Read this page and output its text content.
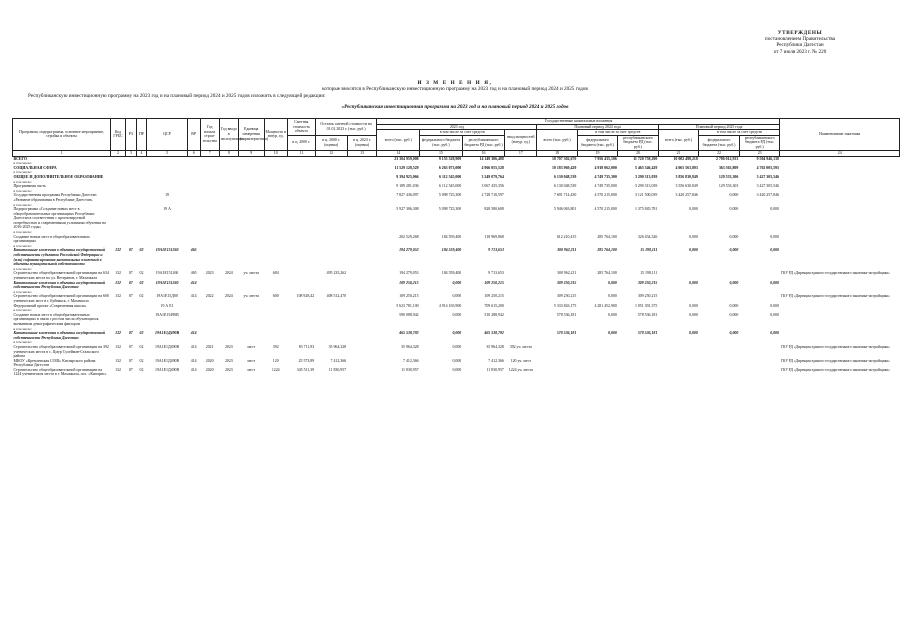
УТВЕРЖДЕНЫ
постановлением Правительства
Республики Дагестан
от 7 июля 2023 г. № 220
И З М Е Н Е Н И Я,
которые вносятся в Республиканскую инвестиционную программу на 2023 год и на плановый период 2024 и 2025 годов
Республиканскую инвестиционную программу на 2023 год и на плановый период 2024 и 2025 годов изложить в следующей редакции:
«Республиканская инвестиционная программа на 2023 год и на плановый период 2024 и 2025 годов
Программа, подпрограмма, основное мероприятие, стройка и объекты	Код ГРБС	РЗ	ПР	ЦСР	ВР	Год начала строи-тельства	Год ввода в эксплуатацию	Единица измерения (характеристика)	Мощность в натур. ед.	Сметная стоимость объекта	Остаток сметной стоимости на 01.01.2023 г. (тыс. руб.)		Государственные капитальные вложения										Наименование заказчика
													2023 год				Плановый период 2024 года			Плановый период 2025 года			
													всего (тыс. руб.)	в том числе за счет средств		ввод мощностей (натур. ед.)	всего (тыс. руб.)	в том числе за счет средств		всего (тыс. руб.)	в том числе за счет средств		
										в ц. 2000 г.	в ц. 2000 г. (оценка)	в ц. 2023 г. (оценка)		федерального бюджета (тыс. руб.)	республиканского бюджета РД (тыс. руб.)			федерального бюджета (тыс. руб.)	республиканского бюджета РД (тыс. руб.)		федерального бюджета (тыс. руб.)	республиканского бюджета РД (тыс. руб.)	
1	2	3	4	5	6	7	8	9	10	11	12	13	14	15	16	17	18	19	20	21	22	23	24
ВСЕГО													23 304 959,008	9 155 528,909	14 149 306,488		18 707 302,670	7 956 435,106	11 720 758,290	10 002 498,218	2 786 012,933	9 504 946,138	
в том числе:																							
СОЦИАЛЬНАЯ СФЕРА													11 529 128,529	6 263 073,000	4 966 055,528		10 183 969,429	4 918 062,000	5 465 346,429	4 065 563,803	363 563,809	4 702 005,595	
в том числе:																							
ОБЩЕЕ И ДОПОЛНИТЕЛЬНОЕ ОБРАЗОВАНИЕ													9 394 925,066	6 112 545,000	3 249 079,764		6 130 048,539	4 749 735,300	3 290 313,039	3 856 830,849	129 533,306	3 427 305,546	
в том числе:																							
Программная часть													9 189 281,036	6 112 545,000	3 067 435,356		6 130 048,539	4 749 735,000	3 290 313,039	3 556 630,849	129 533,303	3 427 305,546	
в том числе:																							
Государственная программа Республики Дагестан «Развитие образования в Республике Дагестан»				19									7 827 436,097	5 098 725,300	2 728 710,597		7 691 714,430	4 570 215,000	3 121 500,039	3 420 257,846	0,000	3 420 257,846	
в том числе:																							
Подпрограмма «Создание новых мест в общеобразовательных организациях Республики Дагестан в соответствии с прогнозируемой потребностью и современными условиями обучения на 2016-2025 годы»				19 А									5 927 306,308	5 098 725,300	828 580,608		5 946 063,801	4 570 215,000	1 375 845,781	0,000	0,000	0,000	
в том числе:																							
Создание новых мест в общеобразовательных организациях													202 529,268	184 559,400	118 969,868		612 210,415	285 764,100	326 434,326	0,000	0,000	0,000	
в том числе:																							
Капитальные вложения в объекты государственной собственности субъектов Российской Федерации и (или) софинансирование капитальных вложений в объекты муниципальной собственности	132	07	02	19А1Е151260	465								194 279,053	184 559,400	9 713,653		300 962,211	285 764,100	15 198,111	0,000	0,000	0,000	
в том числе:																							
Строительство общеобразовательной организации на 634 ученических места по ул. Ветеранов, г. Махачкала	132	07	02	19А1Е151260	465	2023	2024	уч. места	684		495 235,262		194 279,053	184 559,400	9 713,653		300 962,211	285 764,100	15 198,111				ГКУ РД «Дирекция единого государственного заказчика-застройщика»
Капитальные вложения в объекты государственной собственности Республики Дагестан	132	07	02	19А1Е151260	414								109 250,215	0,000	109 250,215		309 250,215	0,000	309 250,215	0,000	0,000	0,000	
в том числе:																							
Строительство общеобразовательной организации на 600 ученических мест в г. Буйнакск, г. Махачкала	132	07	02	19А1Е15Д00	414	2022	2024	уч. места	600	108 928,42	408 512,470		109 250,215	0,000	109 250,215		309 250,215	0,000	309 250,215				ГКУ РД «Дирекция единого государственного заказчика-застройщика»
Федеральный проект «Современная школа»				19 А Е1									5 623 781,100	4 914 165,900	709 615,200		5 333 843,175	4 281 452,900	1 051 391,375	0,000	0,000	0,000	
в том числе:																							
Создание новых мест в общеобразовательных организациях в связи с ростом числа обучающихся, вызванным демографическим фактором				19А1Е15490В									590 088,942	0,000	510 288,942		578 536,181	0,000	578 536,181	0,000	0,000	0,000	
в том числе:																							
Капитальные вложения в объекты государственной собственности Республики Дагестан	132	07	02	19А1Е1Д490В	414								465 538,782	0,000	465 538,782		578 536,181	0,000	578 536,181	0,000	0,000	0,000	
в том числе:																							
Строительство общеобразовательной организации на 392 ученических места в с. Цмур Сулейман-Стальского района	132	07	02	19А1Е1Д490В	414	2021	2023	мест	392	83 711,93	35 964,328		35 964,328	0,000	35 964,328	392 уч. места							ГКУ РД «Дирекция единого государственного заказчика-застройщика»
МКОУ «Кремлевская СОШ» Кизлярского района Республики Дагестан	132	07	02	19А1Е1Д490В	414	2020	2023	мест	120	25 573,89	7 412,366		7 412,366	0,000	7 412,366	120 уч. мест							ГКУ РД «Дирекция единого государственного заказчика-застройщика»
Строительство общеобразовательной организации на 1224 ученических места в г. Махачкала, пос. «Кипарис»	132	07	02	19А1Е1Д490В	414	2020	2023	мест	1224	345 511,39	11 830,957		11 830,957	0,000	11 830,957	1224 уч. места							ГКУ РД «Дирекция единого государственного заказчика-застройщика»
